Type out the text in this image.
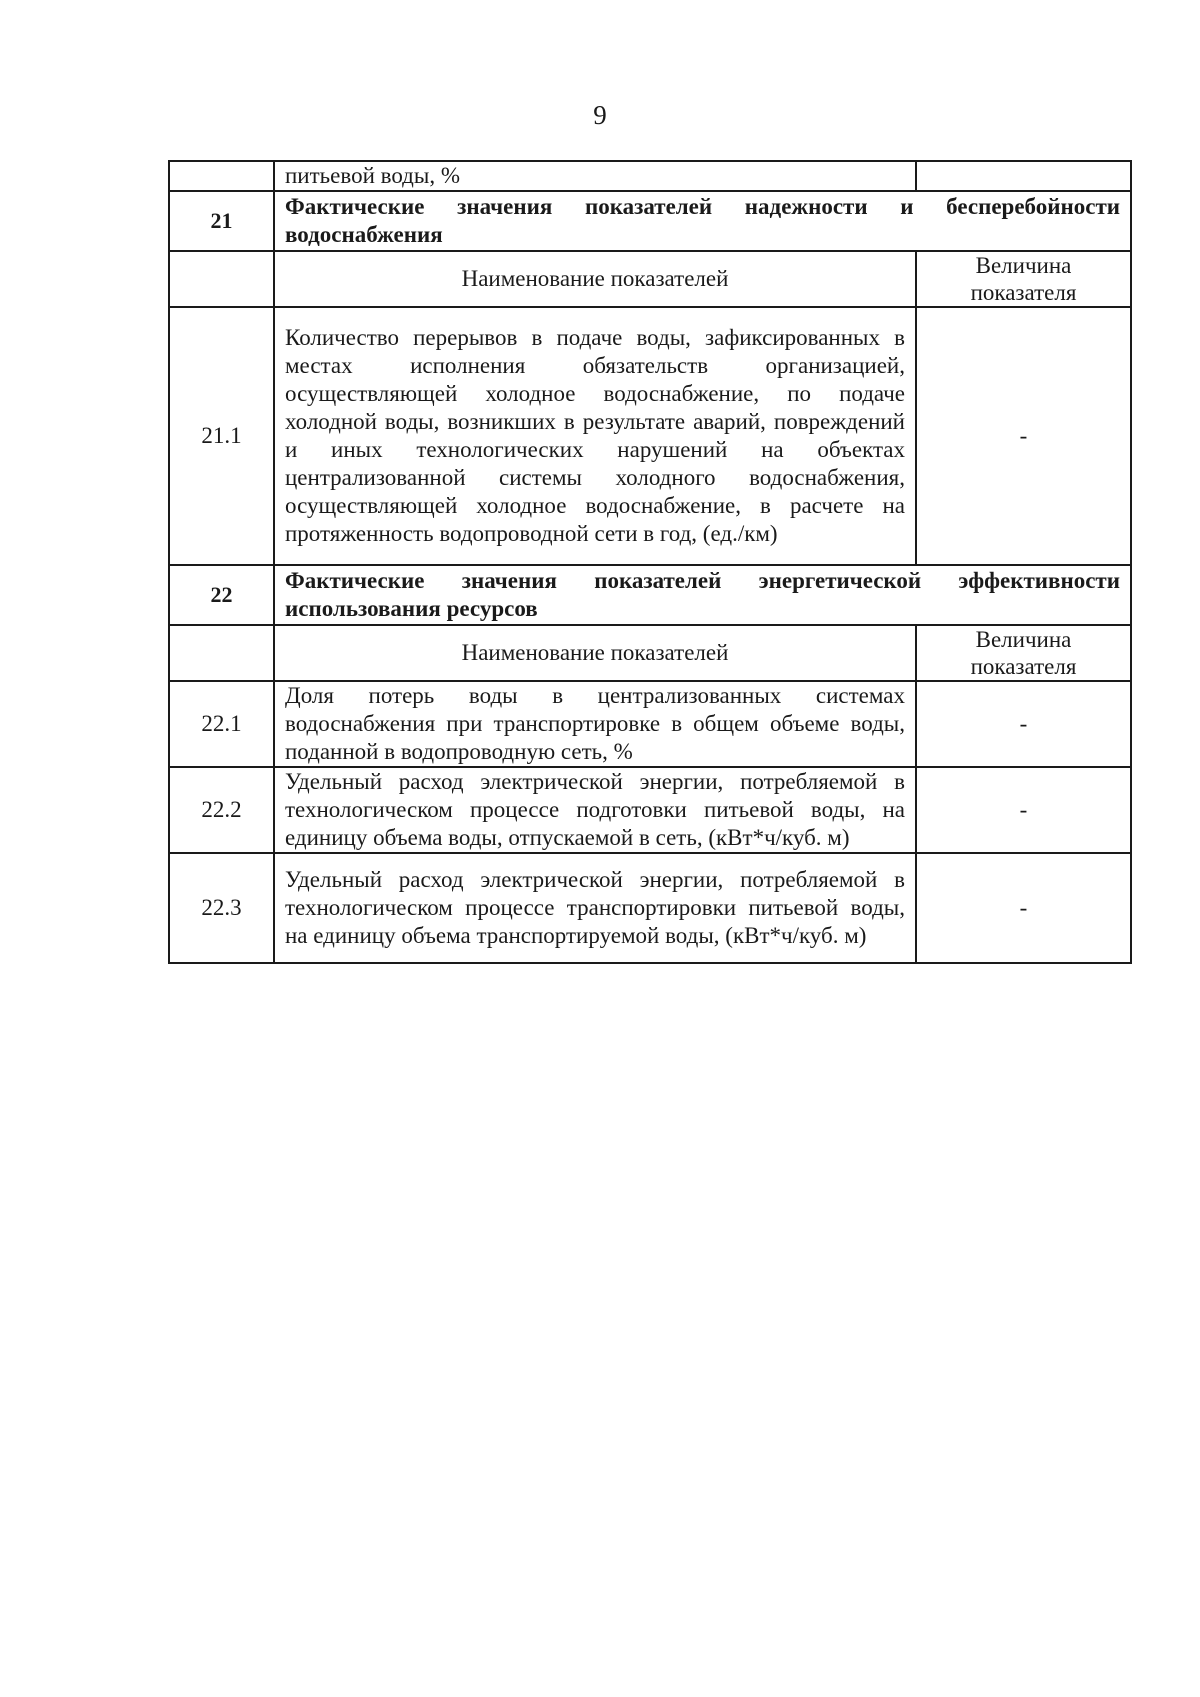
9
	питьевой воды, %	
21	Фактические значения показателей надежности и бесперебойности водоснабжения	
	Наименование показателей	Величина показателя
21.1	Количество перерывов в подаче воды, зафиксированных в местах исполнения обязательств организацией, осуществляющей холодное водоснабжение, по подаче холодной воды, возникших в результате аварий, повреждений и иных технологических нарушений на объектах централизованной системы холодного водоснабжения, осуществляющей холодное водоснабжение, в расчете на протяженность водопроводной сети в год, (ед./км)	-
22	Фактические значения показателей энергетической эффективности использования ресурсов	
	Наименование показателей	Величина показателя
22.1	Доля потерь воды в централизованных системах водоснабжения при транспортировке в общем объеме воды, поданной в водопроводную сеть, %	-
22.2	Удельный расход электрической энергии, потребляемой в технологическом процессе подготовки питьевой воды, на единицу объема воды, отпускаемой в сеть, (кВт*ч/куб. м)	-
22.3	Удельный расход электрической энергии, потребляемой в технологическом процессе транспортировки питьевой воды, на единицу объема транспортируемой воды, (кВт*ч/куб. м)	-
